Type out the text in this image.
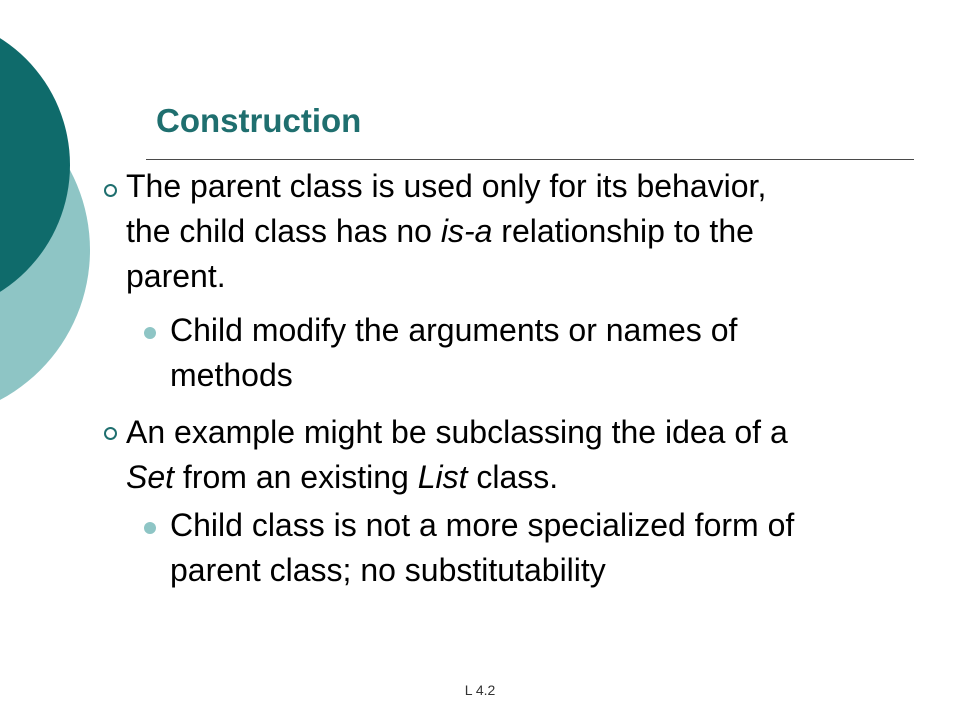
Construction
The parent class is used only for its behavior,
the child class has no is-a relationship to the
parent.
Child modify the arguments or names of
methods
An example might be subclassing the idea of a
Set from an existing List class.
Child class is not a more specialized form of
parent class; no substitutability
L 4.2
